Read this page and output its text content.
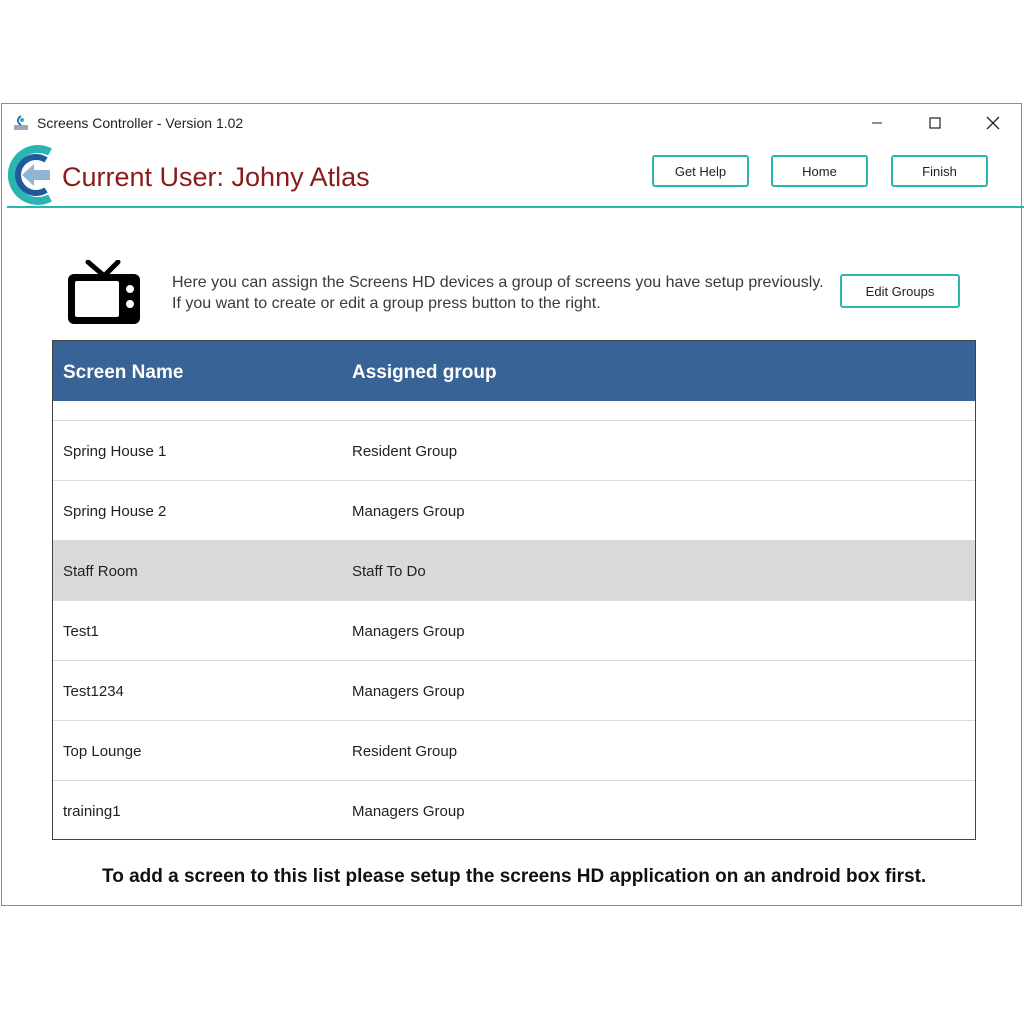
Screens Controller - Version 1.02
Current User: Johny Atlas	Get Help	Home	Finish
Here you can assign the Screens HD devices a group of screens you have setup previously. If you want to create or edit a group press button to the right.
Edit Groups
Screen Name	Assigned group
Spring House 1	Resident Group
Spring House 2	Managers Group
Staff Room	Staff To Do
Test1	Managers Group
Test1234	Managers Group
Top Lounge	Resident Group
training1	Managers Group
To add a screen to this list please setup the screens HD application on an android box first.
